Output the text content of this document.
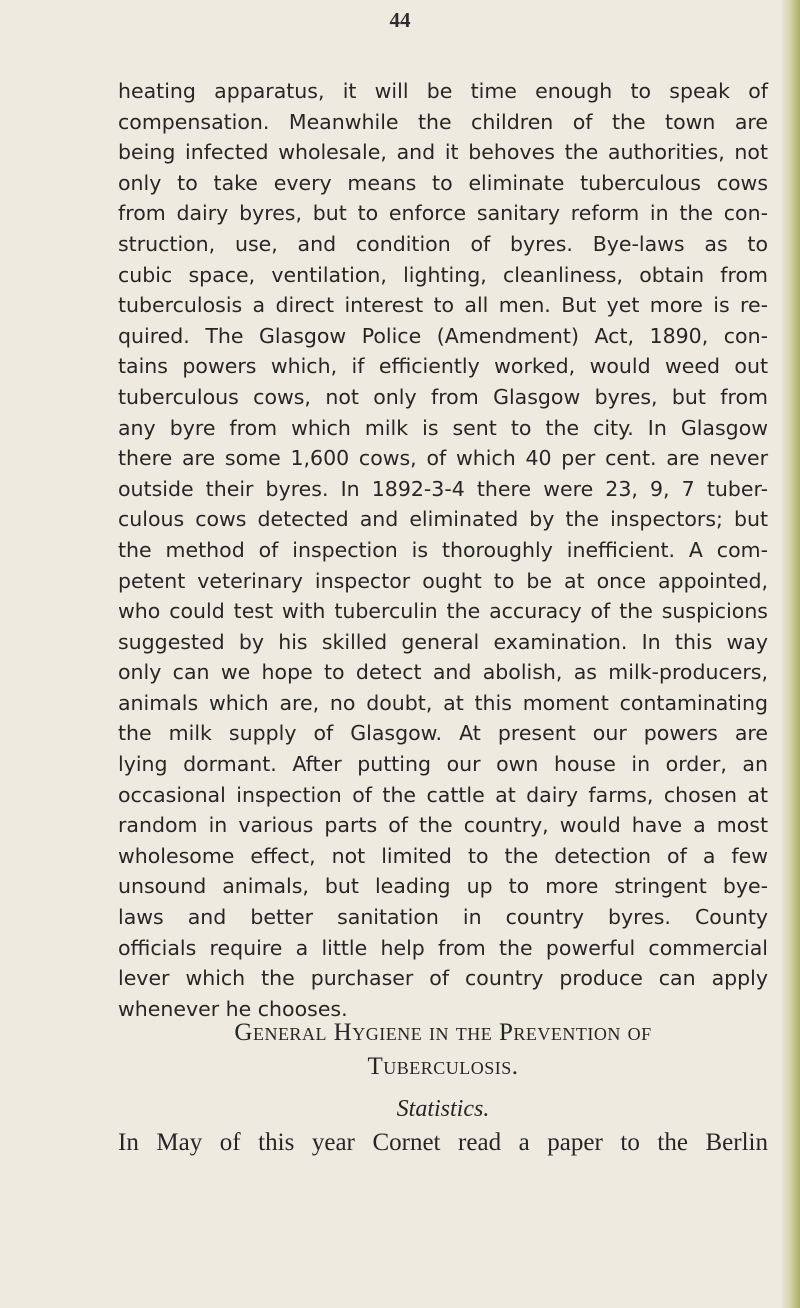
44
heating apparatus, it will be time enough to speak of
compensation. Meanwhile the children of the town are
being infected wholesale, and it behoves the authorities, not
only to take every means to eliminate tuberculous cows
from dairy byres, but to enforce sanitary reform in the con-
struction, use, and condition of byres. Bye-laws as to
cubic space, ventilation, lighting, cleanliness, obtain from
tuberculosis a direct interest to all men. But yet more is re-
quired. The Glasgow Police (Amendment) Act, 1890, con-
tains powers which, if efficiently worked, would weed out
tuberculous cows, not only from Glasgow byres, but from
any byre from which milk is sent to the city. In Glasgow
there are some 1,600 cows, of which 40 per cent. are never
outside their byres. In 1892-3-4 there were 23, 9, 7 tuber-
culous cows detected and eliminated by the inspectors; but
the method of inspection is thoroughly inefficient. A com-
petent veterinary inspector ought to be at once appointed,
who could test with tuberculin the accuracy of the suspicions
suggested by his skilled general examination. In this way
only can we hope to detect and abolish, as milk-producers,
animals which are, no doubt, at this moment contaminating
the milk supply of Glasgow. At present our powers are
lying dormant. After putting our own house in order, an
occasional inspection of the cattle at dairy farms, chosen at
random in various parts of the country, would have a most
wholesome effect, not limited to the detection of a few
unsound animals, but leading up to more stringent bye-
laws and better sanitation in country byres. County
officials require a little help from the powerful commercial
lever which the purchaser of country produce can apply
whenever he chooses.
General Hygiene in the Prevention of
Tuberculosis.
Statistics.
In May of this year Cornet read a paper to the Berlin
